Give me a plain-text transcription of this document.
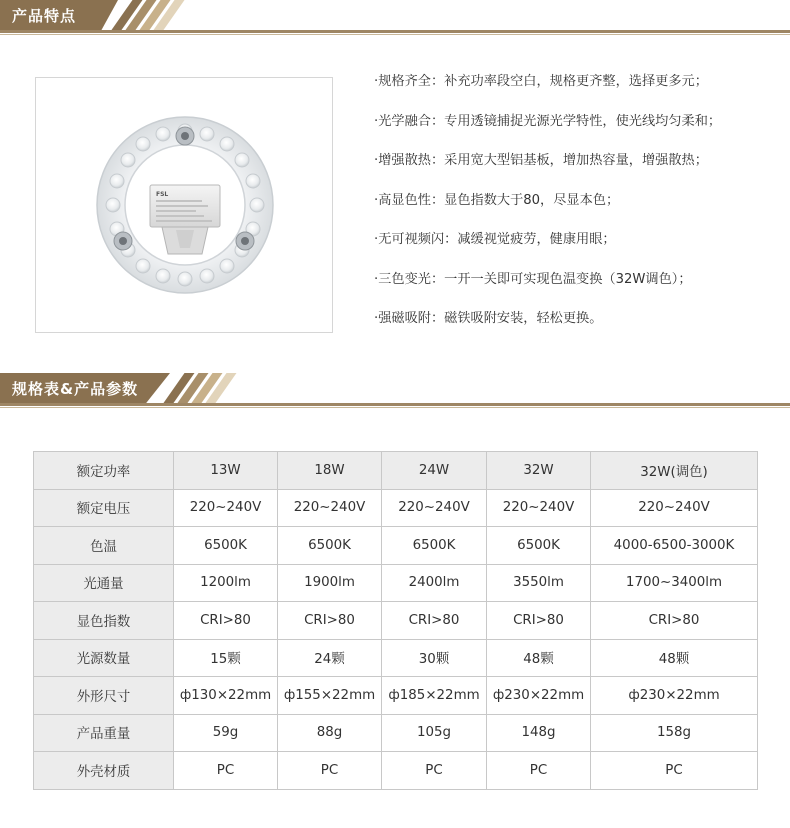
产品特点
FSL
·规格齐全 ： 补充功率段空白，规格更齐整，选择更多元；
·光学融合 ： 专用透镜捕捉光源光学特性，使光线均匀柔和；
·增强散热 ： 采用宽大型铝基板，增加热容量，增强散热；
·高显色性 ： 显色指数大于80，尽显本色；
·无可视频闪 ： 减缓视觉疲劳，健康用眼；
·三色变光 ： 一开一关即可实现色温变换（32W调色）；
·强磁吸附 ： 磁铁吸附安装，轻松更换。
规格表&产品参数
额定功率	13W	18W	24W	32W	32W(调色)
额定电压	220~240V	220~240V	220~240V	220~240V	220~240V
色温	6500K	6500K	6500K	6500K	4000-6500-3000K
光通量	1200lm	1900lm	2400lm	3550lm	1700~3400lm
显色指数	CRI>80	CRI>80	CRI>80	CRI>80	CRI>80
光源数量	15颗	24颗	30颗	48颗	48颗
外形尺寸	ф130×22mm	ф155×22mm	ф185×22mm	ф230×22mm	ф230×22mm
产品重量	59g	88g	105g	148g	158g
外壳材质	PC	PC	PC	PC	PC
